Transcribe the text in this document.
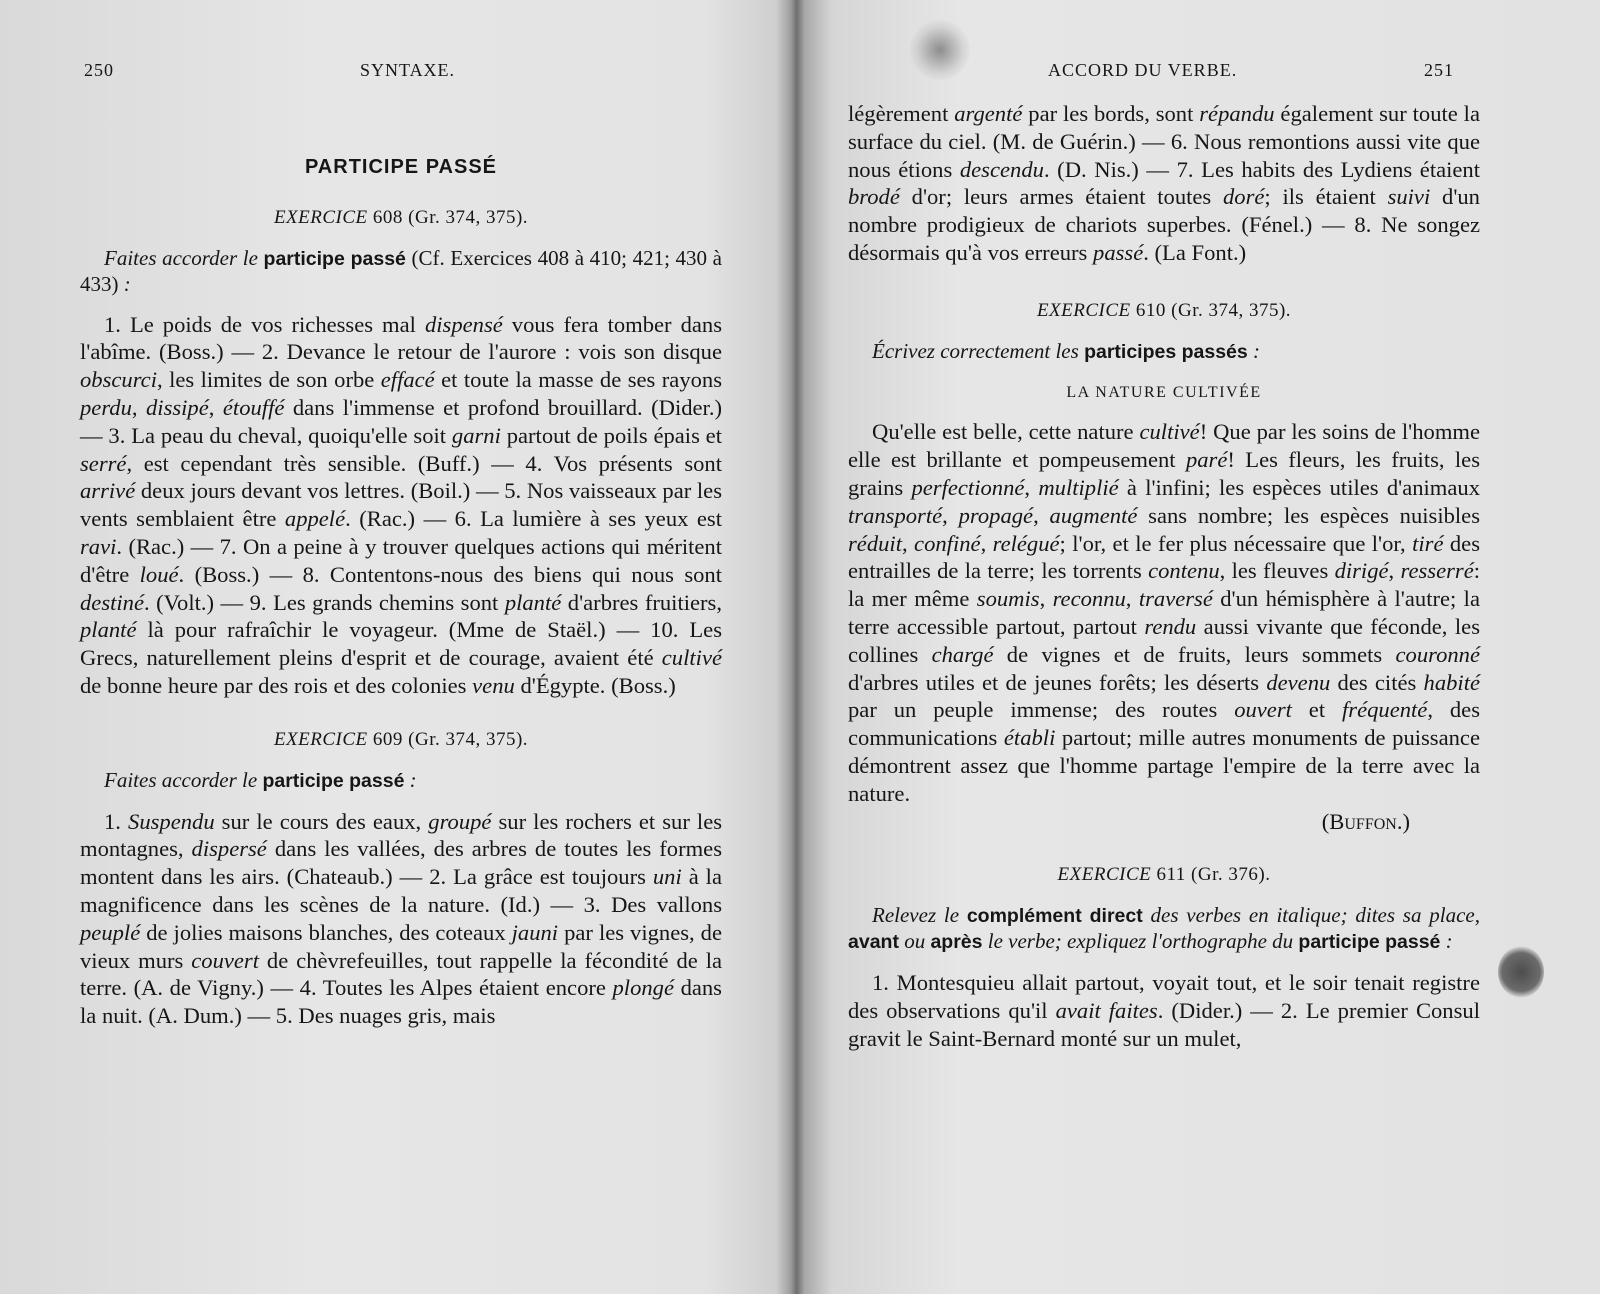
250	SYNTAXE.
PARTICIPE PASSÉ
EXERCICE 608 (Gr. 374, 375).

Faites accorder le participe passé (Cf. Exercices 408 à 410; 421; 430 à 433) :

1. Le poids de vos richesses mal dispensé vous fera tomber dans l'abîme. (Boss.) — 2. Devance le retour de l'aurore : vois son disque obscurci, les limites de son orbe effacé et toute la masse de ses rayons perdu, dissipé, étouffé dans l'immense et profond brouillard. (Dider.) — 3. La peau du cheval, quoiqu'elle soit garni partout de poils épais et serré, est cependant très sensible. (Buff.) — 4. Vos présents sont arrivé deux jours devant vos lettres. (Boil.) — 5. Nos vaisseaux par les vents semblaient être appelé. (Rac.) — 6. La lumière à ses yeux est ravi. (Rac.) — 7. On a peine à y trouver quelques actions qui méritent d'être loué. (Boss.) — 8. Contentons-nous des biens qui nous sont destiné. (Volt.) — 9. Les grands chemins sont planté d'arbres fruitiers, planté là pour rafraîchir le voyageur. (Mme de Staël.) — 10. Les Grecs, naturellement pleins d'esprit et de courage, avaient été cultivé de bonne heure par des rois et des colonies venu d'Égypte. (Boss.)

EXERCICE 609 (Gr. 374, 375).

Faites accorder le participe passé :

1. Suspendu sur le cours des eaux, groupé sur les rochers et sur les montagnes, dispersé dans les vallées, des arbres de toutes les formes montent dans les airs. (Chateaub.) — 2. La grâce est toujours uni à la magnificence dans les scènes de la nature. (Id.) — 3. Des vallons peuplé de jolies maisons blanches, des coteaux jauni par les vignes, de vieux murs couvert de chèvrefeuilles, tout rappelle la fécondité de la terre. (A. de Vigny.) — 4. Toutes les Alpes étaient encore plongé dans la nuit. (A. Dum.) — 5. Des nuages gris, mais

ACCORD DU VERBE.	251

légèrement argenté par les bords, sont répandu également sur toute la surface du ciel. (M. de Guérin.) — 6. Nous remontions aussi vite que nous étions descendu. (D. Nis.) — 7. Les habits des Lydiens étaient brodé d'or; leurs armes étaient toutes doré; ils étaient suivi d'un nombre prodigieux de chariots superbes. (Fénel.) — 8. Ne songez désormais qu'à vos erreurs passé. (La Font.)

EXERCICE 610 (Gr. 374, 375).

Écrivez correctement les participes passés :

LA NATURE CULTIVÉE

Qu'elle est belle, cette nature cultivé! Que par les soins de l'homme elle est brillante et pompeusement paré! Les fleurs, les fruits, les grains perfectionné, multiplié à l'infini; les espèces utiles d'animaux transporté, propagé, augmenté sans nombre; les espèces nuisibles réduit, confiné, relégué; l'or, et le fer plus nécessaire que l'or, tiré des entrailles de la terre; les torrents contenu, les fleuves dirigé, resserré: la mer même soumis, reconnu, traversé d'un hémisphère à l'autre; la terre accessible partout, partout rendu aussi vivante que féconde, les collines chargé de vignes et de fruits, leurs sommets couronné d'arbres utiles et de jeunes forêts; les déserts devenu des cités habité par un peuple immense; des routes ouvert et fréquenté, des communications établi partout; mille autres monuments de puissance démontrent assez que l'homme partage l'empire de la terre avec la nature.

(Buffon.)

EXERCICE 611 (Gr. 376).

Relevez le complément direct des verbes en italique; dites sa place, avant ou après le verbe; expliquez l'orthographe du participe passé :

1. Montesquieu allait partout, voyait tout, et le soir tenait registre des observations qu'il avait faites. (Dider.) — 2. Le premier Consul gravit le Saint-Bernard monté sur un mulet,
